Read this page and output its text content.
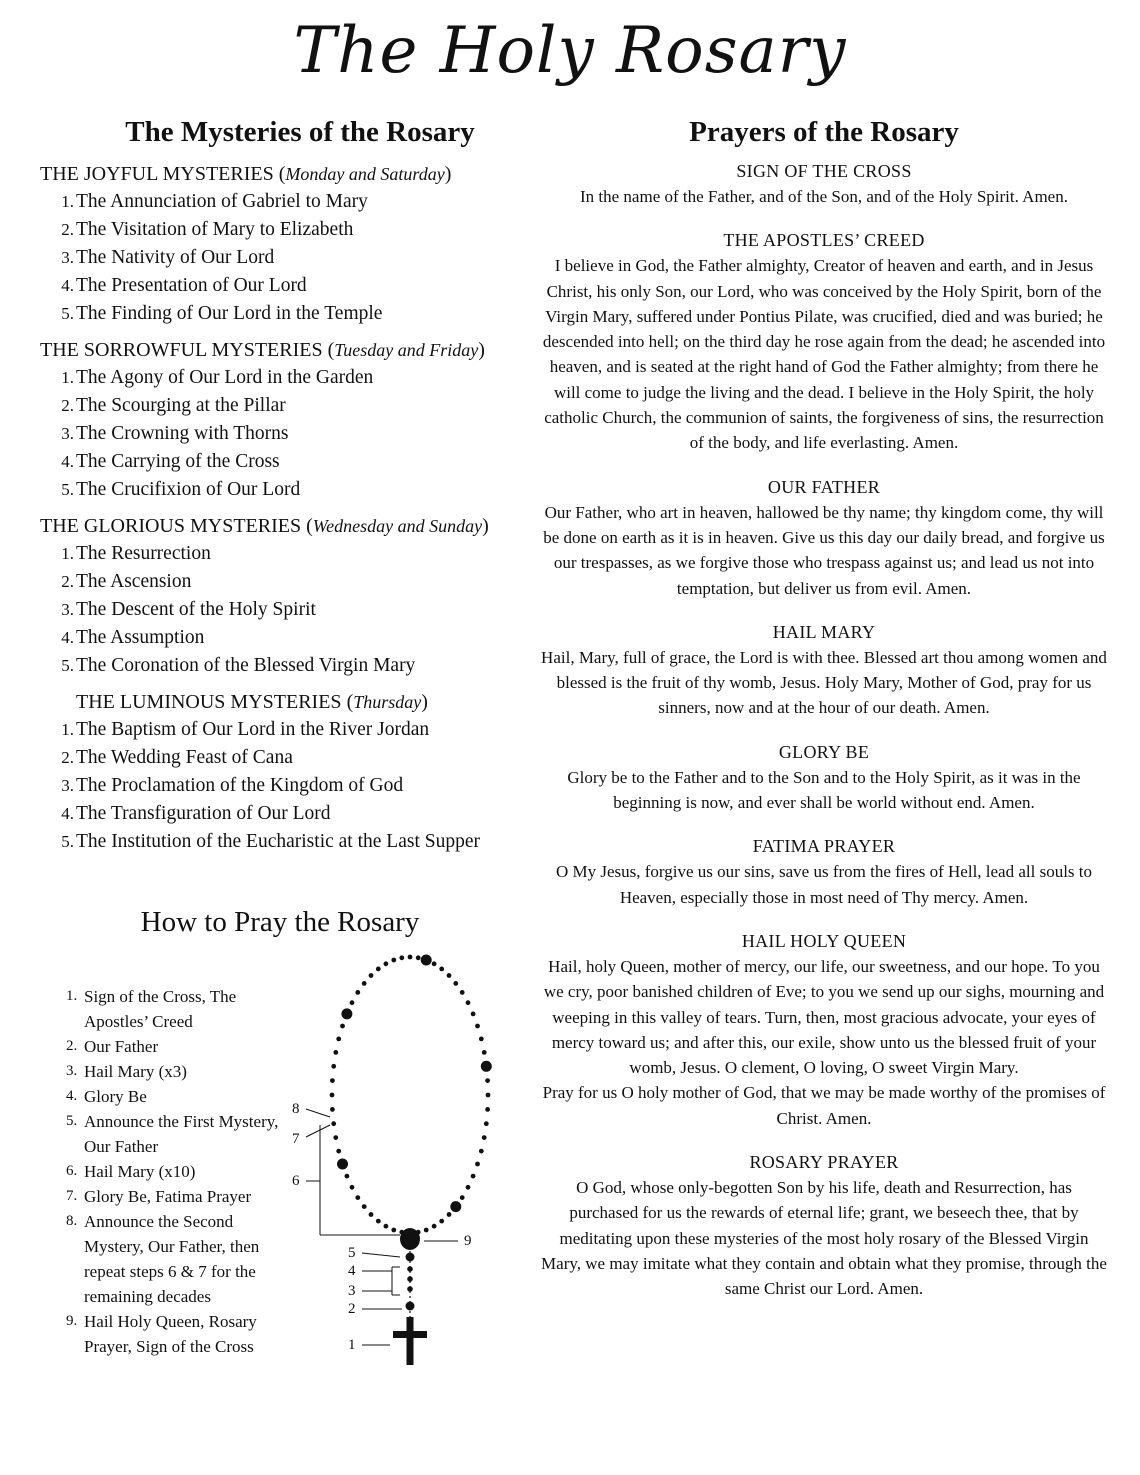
The Holy Rosary
The Mysteries of the Rosary
THE JOYFUL MYSTERIES (Monday and Saturday)
1. The Annunciation of Gabriel to Mary
2. The Visitation of Mary to Elizabeth
3. The Nativity of Our Lord
4. The Presentation of Our Lord
5. The Finding of Our Lord in the Temple
THE SORROWFUL MYSTERIES (Tuesday and Friday)
1. The Agony of Our Lord in the Garden
2. The Scourging at the Pillar
3. The Crowning with Thorns
4. The Carrying of the Cross
5. The Crucifixion of Our Lord
THE GLORIOUS MYSTERIES (Wednesday and Sunday)
1. The Resurrection
2. The Ascension
3. The Descent of the Holy Spirit
4. The Assumption
5. The Coronation of the Blessed Virgin Mary
THE LUMINOUS MYSTERIES (Thursday)
1. The Baptism of Our Lord in the River Jordan
2. The Wedding Feast of Cana
3. The Proclamation of the Kingdom of God
4. The Transfiguration of Our Lord
5. The Institution of the Eucharistic at the Last Supper
How to Pray the Rosary
1. Sign of the Cross, The Apostles’ Creed
2. Our Father
3. Hail Mary (x3)
4. Glory Be
5. Announce the First Mystery, Our Father
6. Hail Mary (x10)
7. Glory Be, Fatima Prayer
8. Announce the Second Mystery, Our Father, then repeat steps 6 & 7 for the remaining decades
9. Hail Holy Queen, Rosary Prayer, Sign of the Cross	1
2
3
4
5
9
6
7
8
Prayers of the Rosary
SIGN OF THE CROSS
In the name of the Father, and of the Son, and of the Holy Spirit. Amen.
THE APOSTLES’ CREED
I believe in God, the Father almighty, Creator of heaven and earth, and in Jesus Christ, his only Son, our Lord, who was conceived by the Holy Spirit, born of the Virgin Mary, suffered under Pontius Pilate, was crucified, died and was buried; he descended into hell; on the third day he rose again from the dead; he ascended into heaven, and is seated at the right hand of God the Father almighty; from there he will come to judge the living and the dead. I believe in the Holy Spirit, the holy catholic Church, the communion of saints, the forgiveness of sins, the resurrection of the body, and life everlasting. Amen.
OUR FATHER
Our Father, who art in heaven, hallowed be thy name; thy kingdom come, thy will be done on earth as it is in heaven. Give us this day our daily bread, and forgive us our trespasses, as we forgive those who trespass against us; and lead us not into temptation, but deliver us from evil. Amen.
HAIL MARY
Hail, Mary, full of grace, the Lord is with thee. Blessed art thou among women and blessed is the fruit of thy womb, Jesus. Holy Mary, Mother of God, pray for us sinners, now and at the hour of our death. Amen.
GLORY BE
Glory be to the Father and to the Son and to the Holy Spirit, as it was in the beginning is now, and ever shall be world without end. Amen.
FATIMA PRAYER
O My Jesus, forgive us our sins, save us from the fires of Hell, lead all souls to Heaven, especially those in most need of Thy mercy. Amen.
HAIL HOLY QUEEN
Hail, holy Queen, mother of mercy, our life, our sweetness, and our hope. To you we cry, poor banished children of Eve; to you we send up our sighs, mourning and weeping in this valley of tears. Turn, then, most gracious advocate, your eyes of mercy toward us; and after this, our exile, show unto us the blessed fruit of your womb, Jesus. O clement, O loving, O sweet Virgin Mary.
Pray for us O holy mother of God, that we may be made worthy of the promises of Christ. Amen.
ROSARY PRAYER
O God, whose only-begotten Son by his life, death and Resurrection, has purchased for us the rewards of eternal life; grant, we beseech thee, that by meditating upon these mysteries of the most holy rosary of the Blessed Virgin Mary, we may imitate what they contain and obtain what they promise, through the same Christ our Lord. Amen.
